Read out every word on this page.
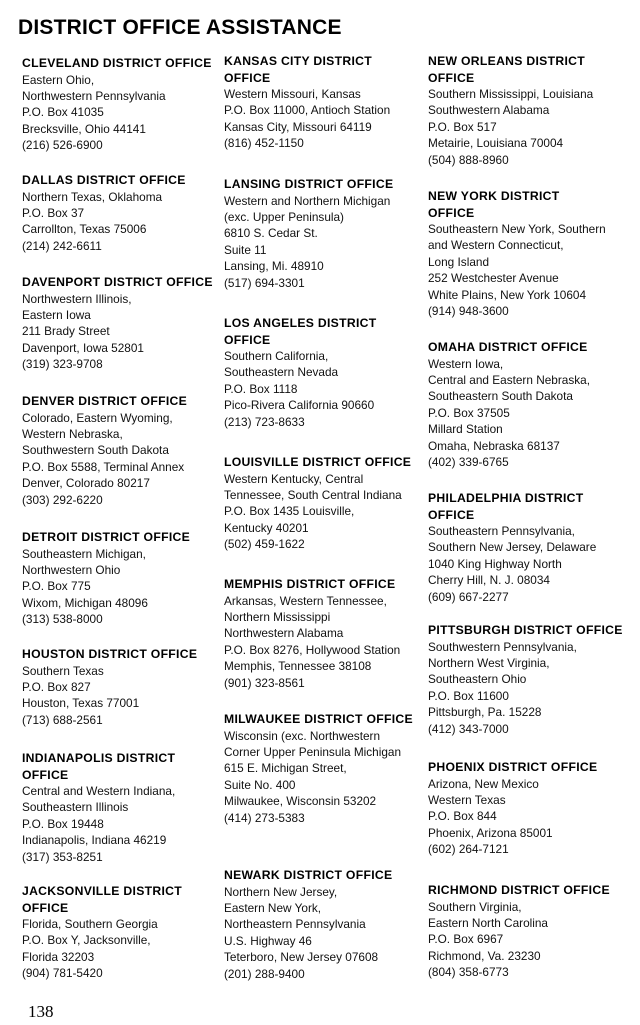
DISTRICT OFFICE ASSISTANCE
CLEVELAND DISTRICT OFFICE
Eastern Ohio,
Northwestern Pennsylvania
P.O. Box 41035
Brecksville, Ohio 44141
(216) 526-6900
DALLAS DISTRICT OFFICE
Northern Texas, Oklahoma
P.O. Box 37
Carrollton, Texas 75006
(214) 242-6611
DAVENPORT DISTRICT OFFICE
Northwestern Illinois,
Eastern Iowa
211 Brady Street
Davenport, Iowa 52801
(319) 323-9708
DENVER DISTRICT OFFICE
Colorado, Eastern Wyoming,
Western Nebraska,
Southwestern South Dakota
P.O. Box 5588, Terminal Annex
Denver, Colorado 80217
(303) 292-6220
DETROIT DISTRICT OFFICE
Southeastern Michigan,
Northwestern Ohio
P.O. Box 775
Wixom, Michigan 48096
(313) 538-8000
HOUSTON DISTRICT OFFICE
Southern Texas
P.O. Box 827
Houston, Texas 77001
(713) 688-2561
INDIANAPOLIS DISTRICT
OFFICE
Central and Western Indiana,
Southeastern Illinois
P.O. Box 19448
Indianapolis, Indiana 46219
(317) 353-8251
JACKSONVILLE DISTRICT
OFFICE
Florida, Southern Georgia
P.O. Box Y, Jacksonville,
Florida 32203
(904) 781-5420
KANSAS CITY DISTRICT
OFFICE
Western Missouri, Kansas
P.O. Box 11000, Antioch Station
Kansas City, Missouri 64119
(816) 452-1150
LANSING DISTRICT OFFICE
Western and Northern Michigan
(exc. Upper Peninsula)
6810 S. Cedar St.
Suite 11
Lansing, Mi. 48910
(517) 694-3301
LOS ANGELES DISTRICT
OFFICE
Southern California,
Southeastern Nevada
P.O. Box 1118
Pico-Rivera California 90660
(213) 723-8633
LOUISVILLE DISTRICT OFFICE
Western Kentucky, Central
Tennessee, South Central Indiana
P.O. Box 1435 Louisville,
Kentucky 40201
(502) 459-1622
MEMPHIS DISTRICT OFFICE
Arkansas, Western Tennessee,
Northern Mississippi
Northwestern Alabama
P.O. Box 8276, Hollywood Station
Memphis, Tennessee 38108
(901) 323-8561
MILWAUKEE DISTRICT OFFICE
Wisconsin (exc. Northwestern
Corner Upper Peninsula Michigan
615 E. Michigan Street,
Suite No. 400
Milwaukee, Wisconsin 53202
(414) 273-5383
NEWARK DISTRICT OFFICE
Northern New Jersey,
Eastern New York,
Northeastern Pennsylvania
U.S. Highway 46
Teterboro, New Jersey 07608
(201) 288-9400
NEW ORLEANS DISTRICT
OFFICE
Southern Mississippi, Louisiana
Southwestern Alabama
P.O. Box 517
Metairie, Louisiana 70004
(504) 888-8960
NEW YORK DISTRICT
OFFICE
Southeastern New York, Southern
and Western Connecticut,
Long Island
252 Westchester Avenue
White Plains, New York 10604
(914) 948-3600
OMAHA DISTRICT OFFICE
Western Iowa,
Central and Eastern Nebraska,
Southeastern South Dakota
P.O. Box 37505
Millard Station
Omaha, Nebraska 68137
(402) 339-6765
PHILADELPHIA DISTRICT
OFFICE
Southeastern Pennsylvania,
Southern New Jersey, Delaware
1040 King Highway North
Cherry Hill, N. J. 08034
(609) 667-2277
PITTSBURGH DISTRICT OFFICE
Southwestern Pennsylvania,
Northern West Virginia,
Southeastern Ohio
P.O. Box 11600
Pittsburgh, Pa. 15228
(412) 343-7000
PHOENIX DISTRICT OFFICE
Arizona, New Mexico
Western Texas
P.O. Box 844
Phoenix, Arizona 85001
(602) 264-7121
RICHMOND DISTRICT OFFICE
Southern Virginia,
Eastern North Carolina
P.O. Box 6967
Richmond, Va. 23230
(804) 358-6773
138
